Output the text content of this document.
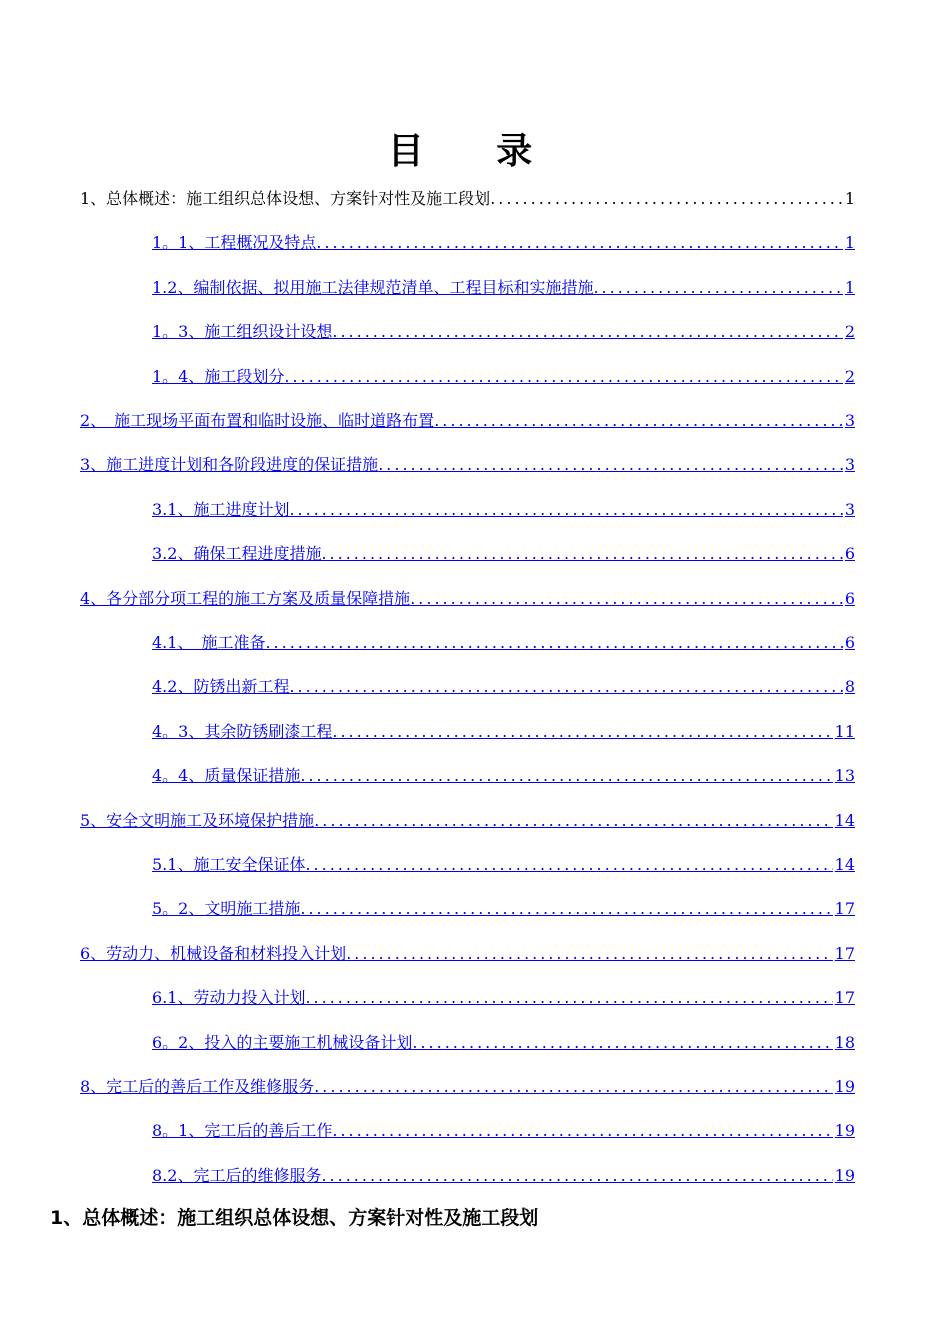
目 录
1、总体概述：施工组织总体设想、方案针对性及施工段划 .....	1
1。1、工程概况及特点 .....	1
1.2、编制依据、拟用施工法律规范清单、工程目标和实施措施 .....	1
1。3、施工组织设计设想 .....	2
1。4、施工段划分 .....	2
2、　施工现场平面布置和临时设施、临时道路布置 .....	3
3、施工进度计划和各阶段进度的保证措施 .....	3
3.1、施工进度计划 .....	3
3.2、确保工程进度措施 .....	6
4、各分部分项工程的施工方案及质量保障措施 .....	6
4.1、　施工准备 .....	6
4.2、防锈出新工程 .....	8
4。3、其余防锈刷漆工程 .....	11
4。4、质量保证措施 .....	13
5、安全文明施工及环境保护措施 .....	14
5.1、施工安全保证体 .....	14
5。2、文明施工措施 .....	17
6、劳动力、机械设备和材料投入计划 .....	17
6.1、劳动力投入计划 .....	17
6。2、投入的主要施工机械设备计划 .....	18
8、完工后的善后工作及维修服务 .....	19
8。1、完工后的善后工作 .....	19
8.2、完工后的维修服务 .....	19
1、总体概述：施工组织总体设想、方案针对性及施工段划
